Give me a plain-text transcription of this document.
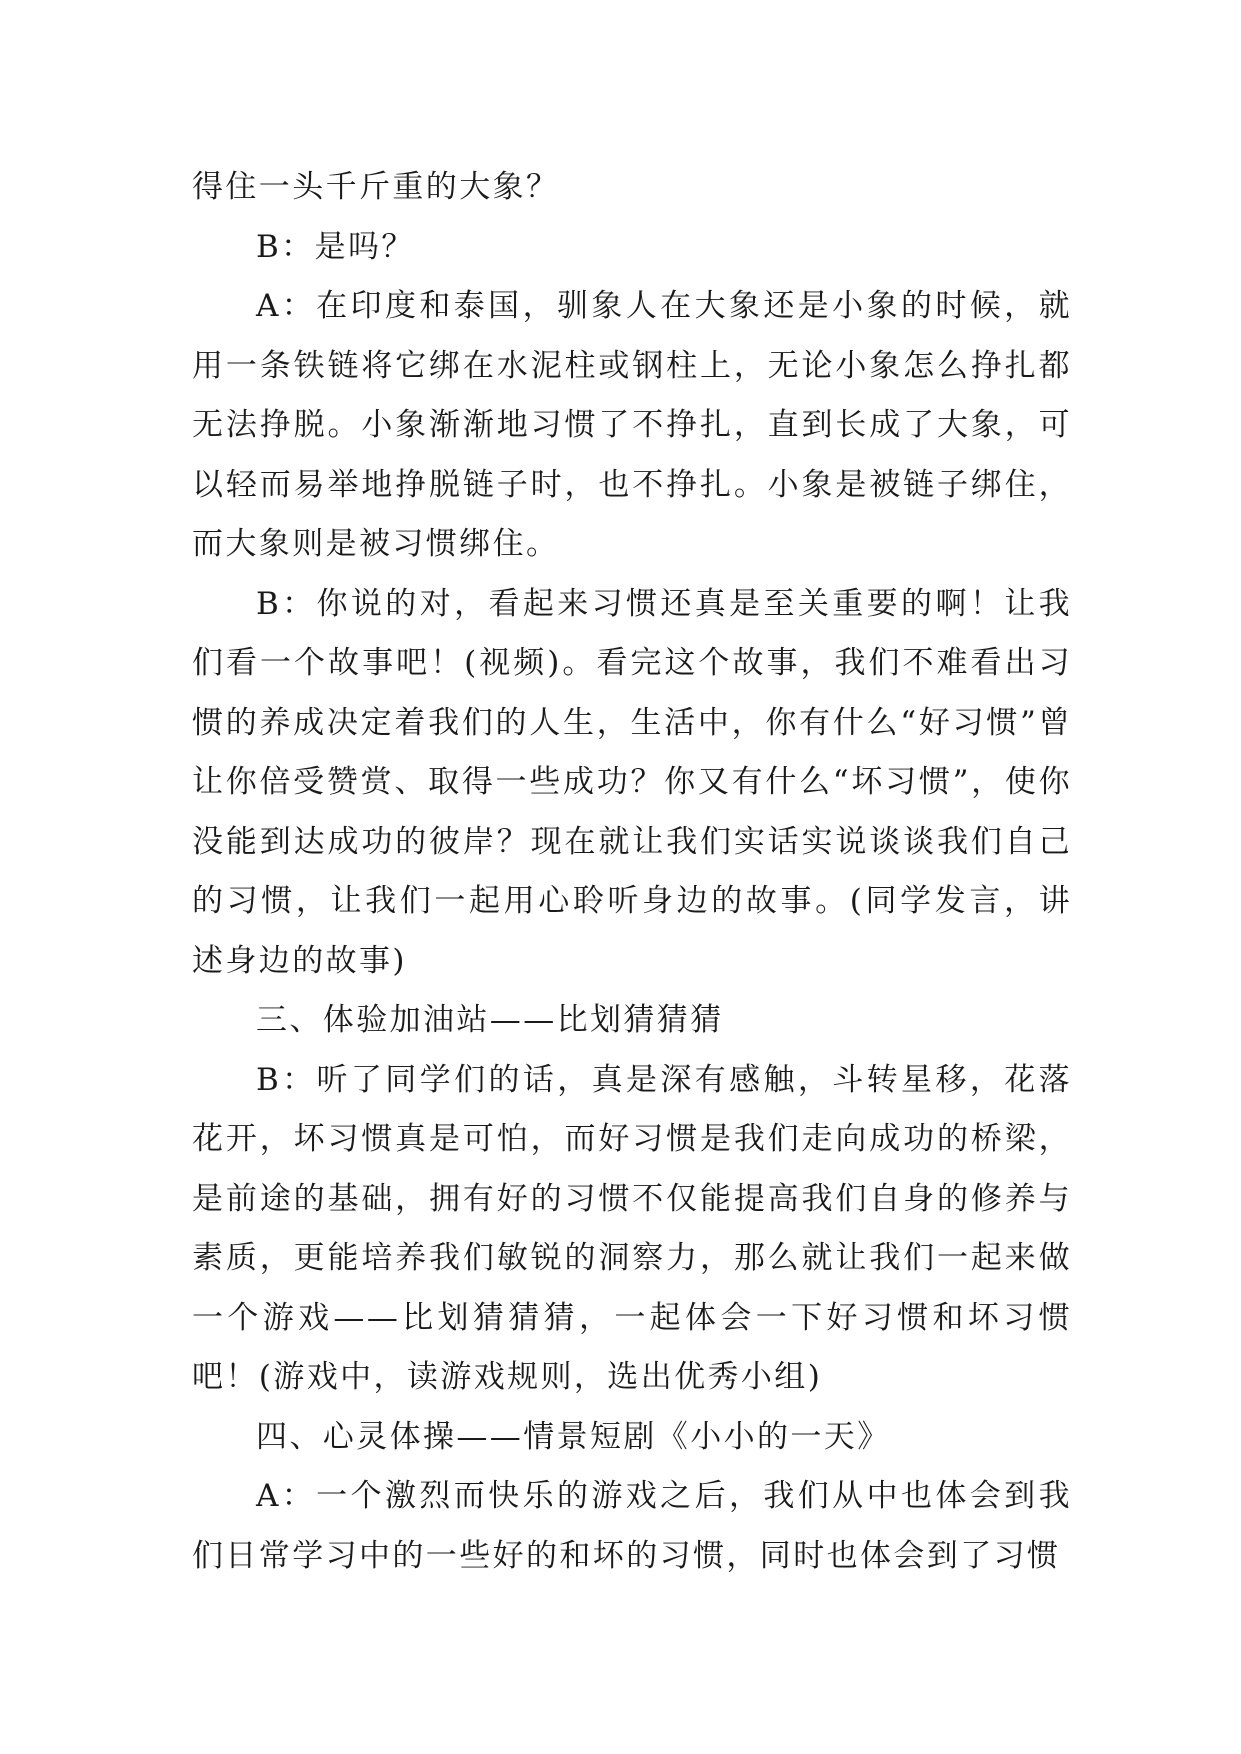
得住一头千斤重的大象？

B：是吗？

A：在印度和泰国，驯象人在大象还是小象的时候，就用一条铁链将它绑在水泥柱或钢柱上，无论小象怎么挣扎都无法挣脱。小象渐渐地习惯了不挣扎，直到长成了大象，可以轻而易举地挣脱链子时，也不挣扎。小象是被链子绑住，而大象则是被习惯绑住。

B：你说的对，看起来习惯还真是至关重要的啊！让我们看一个故事吧！(视频)。看完这个故事，我们不难看出习惯的养成决定着我们的人生，生活中，你有什么“好习惯”曾让你倍受赞赏、取得一些成功？你又有什么“坏习惯”，使你没能到达成功的彼岸？现在就让我们实话实说谈谈我们自己的习惯，让我们一起用心聆听身边的故事。(同学发言，讲述身边的故事)

三、体验加油站——比划猜猜猜

B：听了同学们的话，真是深有感触，斗转星移，花落花开，坏习惯真是可怕，而好习惯是我们走向成功的桥梁，是前途的基础，拥有好的习惯不仅能提高我们自身的修养与素质，更能培养我们敏锐的洞察力，那么就让我们一起来做一个游戏——比划猜猜猜，一起体会一下好习惯和坏习惯吧！(游戏中，读游戏规则，选出优秀小组)

四、心灵体操——情景短剧《小小的一天》

A：一个激烈而快乐的游戏之后，我们从中也体会到我们日常学习中的一些好的和坏的习惯，同时也体会到了习惯
